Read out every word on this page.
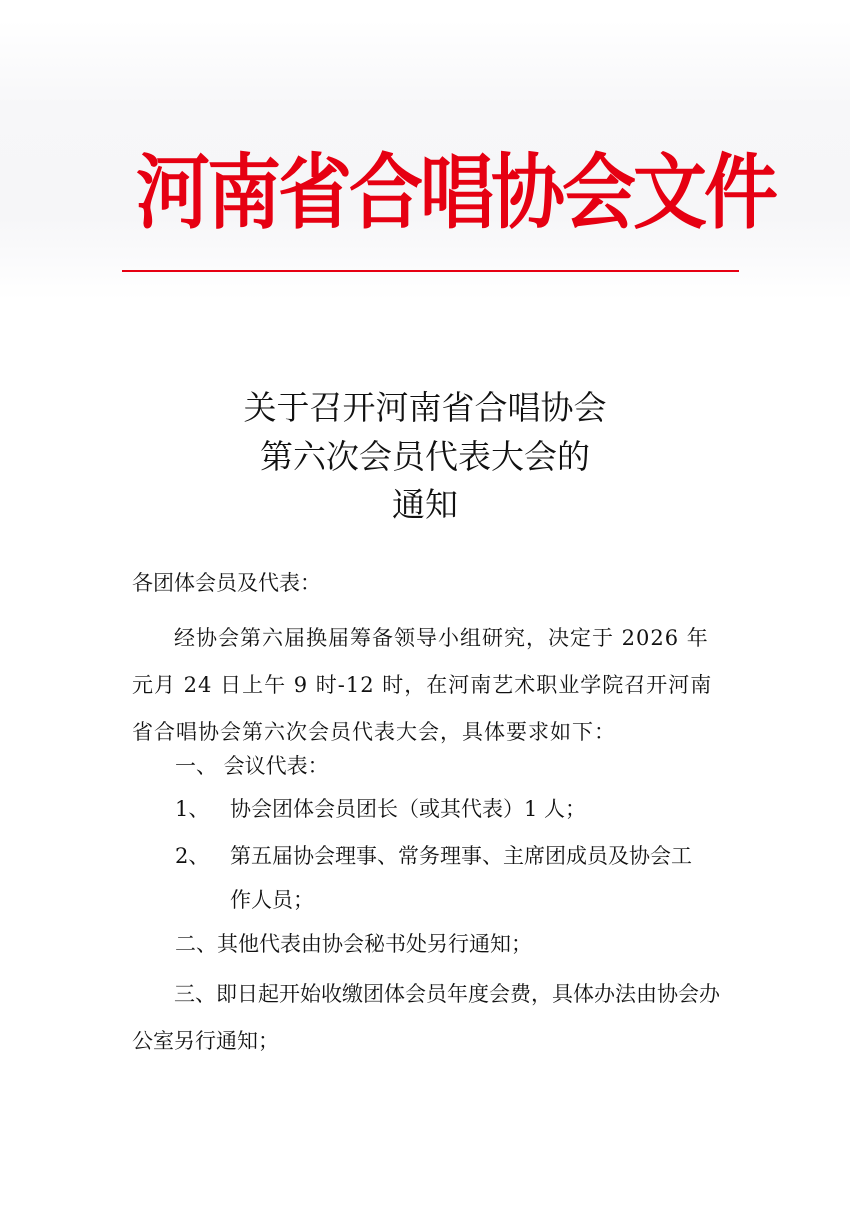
河南省合唱协会文件
关于召开河南省合唱协会
第六次会员代表大会的
通知
各团体会员及代表：
经协会第六届换届筹备领导小组研究，决定于 2026 年元月 24 日上午 9 时-12 时，在河南艺术职业学院召开河南省合唱协会第六次会员代表大会，具体要求如下：
一、 会议代表：
1、 协会团体会员团长（或其代表）1 人；
2、 第五届协会理事、常务理事、主席团成员及协会工
作人员；
二、其他代表由协会秘书处另行通知；
三、即日起开始收缴团体会员年度会费，具体办法由协会办公室另行通知；
